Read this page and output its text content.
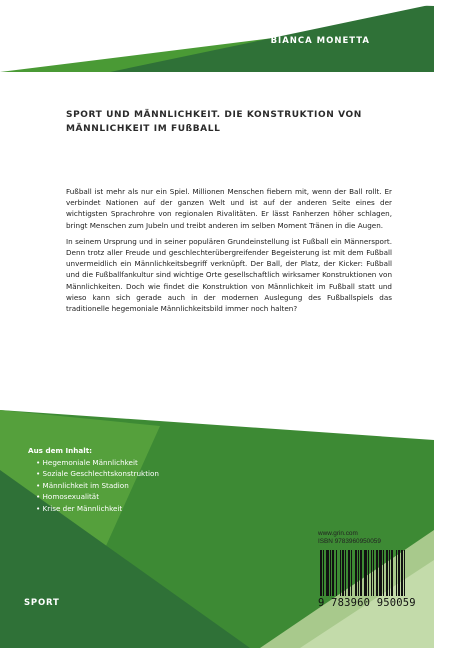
BIANCA MONETTA
SPORT UND MÄNNLICHKEIT. DIE KONSTRUKTION VON MÄNNLICHKEIT IM FUßBALL

Fußball ist mehr als nur ein Spiel. Millionen Menschen fiebern mit, wenn der Ball rollt. Er verbindet Nationen auf der ganzen Welt und ist auf der anderen Seite eines der wichtigsten Sprachrohre von regionalen Rivalitäten. Er lässt Fanherzen höher schlagen, bringt Menschen zum Jubeln und treibt anderen im selben Moment Tränen in die Augen.

In seinem Ursprung und in seiner populären Grundeinstellung ist Fußball ein Männersport. Denn trotz aller Freude und geschlechterübergreifender Begeisterung ist mit dem Fußball unvermeidlich ein Männlichkeitsbegriff verknüpft. Der Ball, der Platz, der Kicker: Fußball und die Fußballfankultur sind wichtige Orte gesellschaftlich wirksamer Konstruktionen von Männlichkeiten. Doch wie findet die Konstruktion von Männlichkeit im Fußball statt und wieso kann sich gerade auch in der modernen Auslegung des Fußballspiels das traditionelle hegemoniale Männlichkeitsbild immer noch halten?

Aus dem Inhalt:
• Hegemoniale Männlichkeit
• Soziale Geschlechtskonstruktion
• Männlichkeit im Stadion
• Homosexualität
• Krise der Männlichkeit
SPORT
www.grin.com
ISBN 9783960950059
9 783960 950059
